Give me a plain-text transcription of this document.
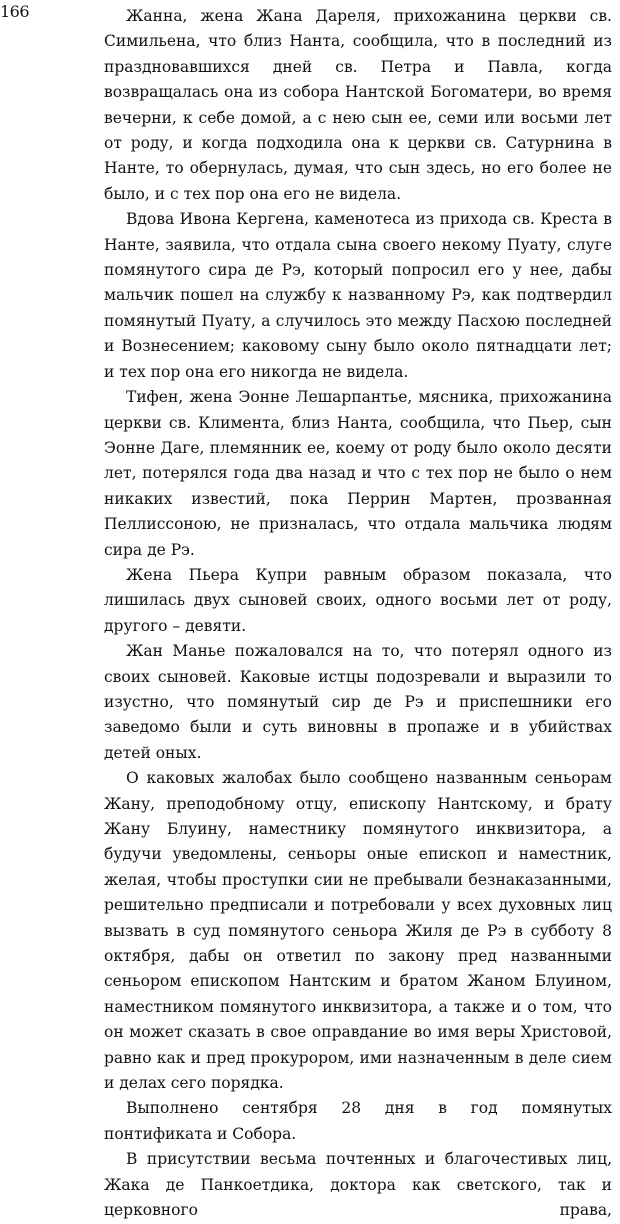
166	Жанна, жена Жана Дареля, прихожанина церкви св. Симильена, что близ Нанта, сообщила, что в последний из праздновавшихся дней св. Петра и Павла, когда возвращалась она из собора Нантской Богоматери, во время вечерни, к себе домой, а с нею сын ее, семи или восьми лет от роду, и когда подходила она к церкви св. Сатурнина в Нанте, то обернулась, думая, что сын здесь, но его более не было, и с тех пор она его не видела.

Вдова Ивона Кергена, каменотеса из прихода св. Креста в Нанте, заявила, что отдала сына своего некому Пуату, слуге помянутого сира де Рэ, который попросил его у нее, дабы мальчик пошел на службу к названному Рэ, как подтвердил помянутый Пуату, а случилось это между Пасхою последней и Вознесением; каковому сыну было около пятнадцати лет; и тех пор она его никогда не видела.

Тифен, жена Эонне Лешарпантье, мясника, прихожанина церкви св. Климента, близ Нанта, сообщила, что Пьер, сын Эонне Даге, племянник ее, коему от роду было около десяти лет, потерялся года два назад и что с тех пор не было о нем никаких известий, пока Перрин Мартен, прозванная Пеллиссоною, не призналась, что отдала мальчика людям сира де Рэ.

Жена Пьера Купри равным образом показала, что лишилась двух сыновей своих, одного восьми лет от роду, другого – девяти.

Жан Манье пожаловался на то, что потерял одного из своих сыновей. Каковые истцы подозревали и выразили то изустно, что помянутый сир де Рэ и приспешники его заведомо были и суть виновны в пропаже и в убийствах детей оных.

О каковых жалобах было сообщено названным сеньорам Жану, преподобному отцу, епископу Нантскому, и брату Жану Блуину, наместнику помянутого инквизитора, а будучи уведомлены, сеньоры оные епископ и наместник, желая, чтобы проступки сии не пребывали безнаказанными, решительно предписали и потребовали у всех духовных лиц вызвать в суд помянутого сеньора Жиля де Рэ в субботу 8 октября, дабы он ответил по закону пред названными сеньором епископом Нантским и братом Жаном Блуином, наместником помянутого инквизитора, а также и о том, что он может сказать в свое оправдание во имя веры Христовой, равно как и пред прокурором, ими назначенным в деле сием и делах сего порядка.

Выполнено сентября 28 дня в год помянутых понтификата и Собора.

В присутствии весьма почтенных и благочестивых лиц, Жака де Панкоетдика, доктора как светского, так и церковного права,
